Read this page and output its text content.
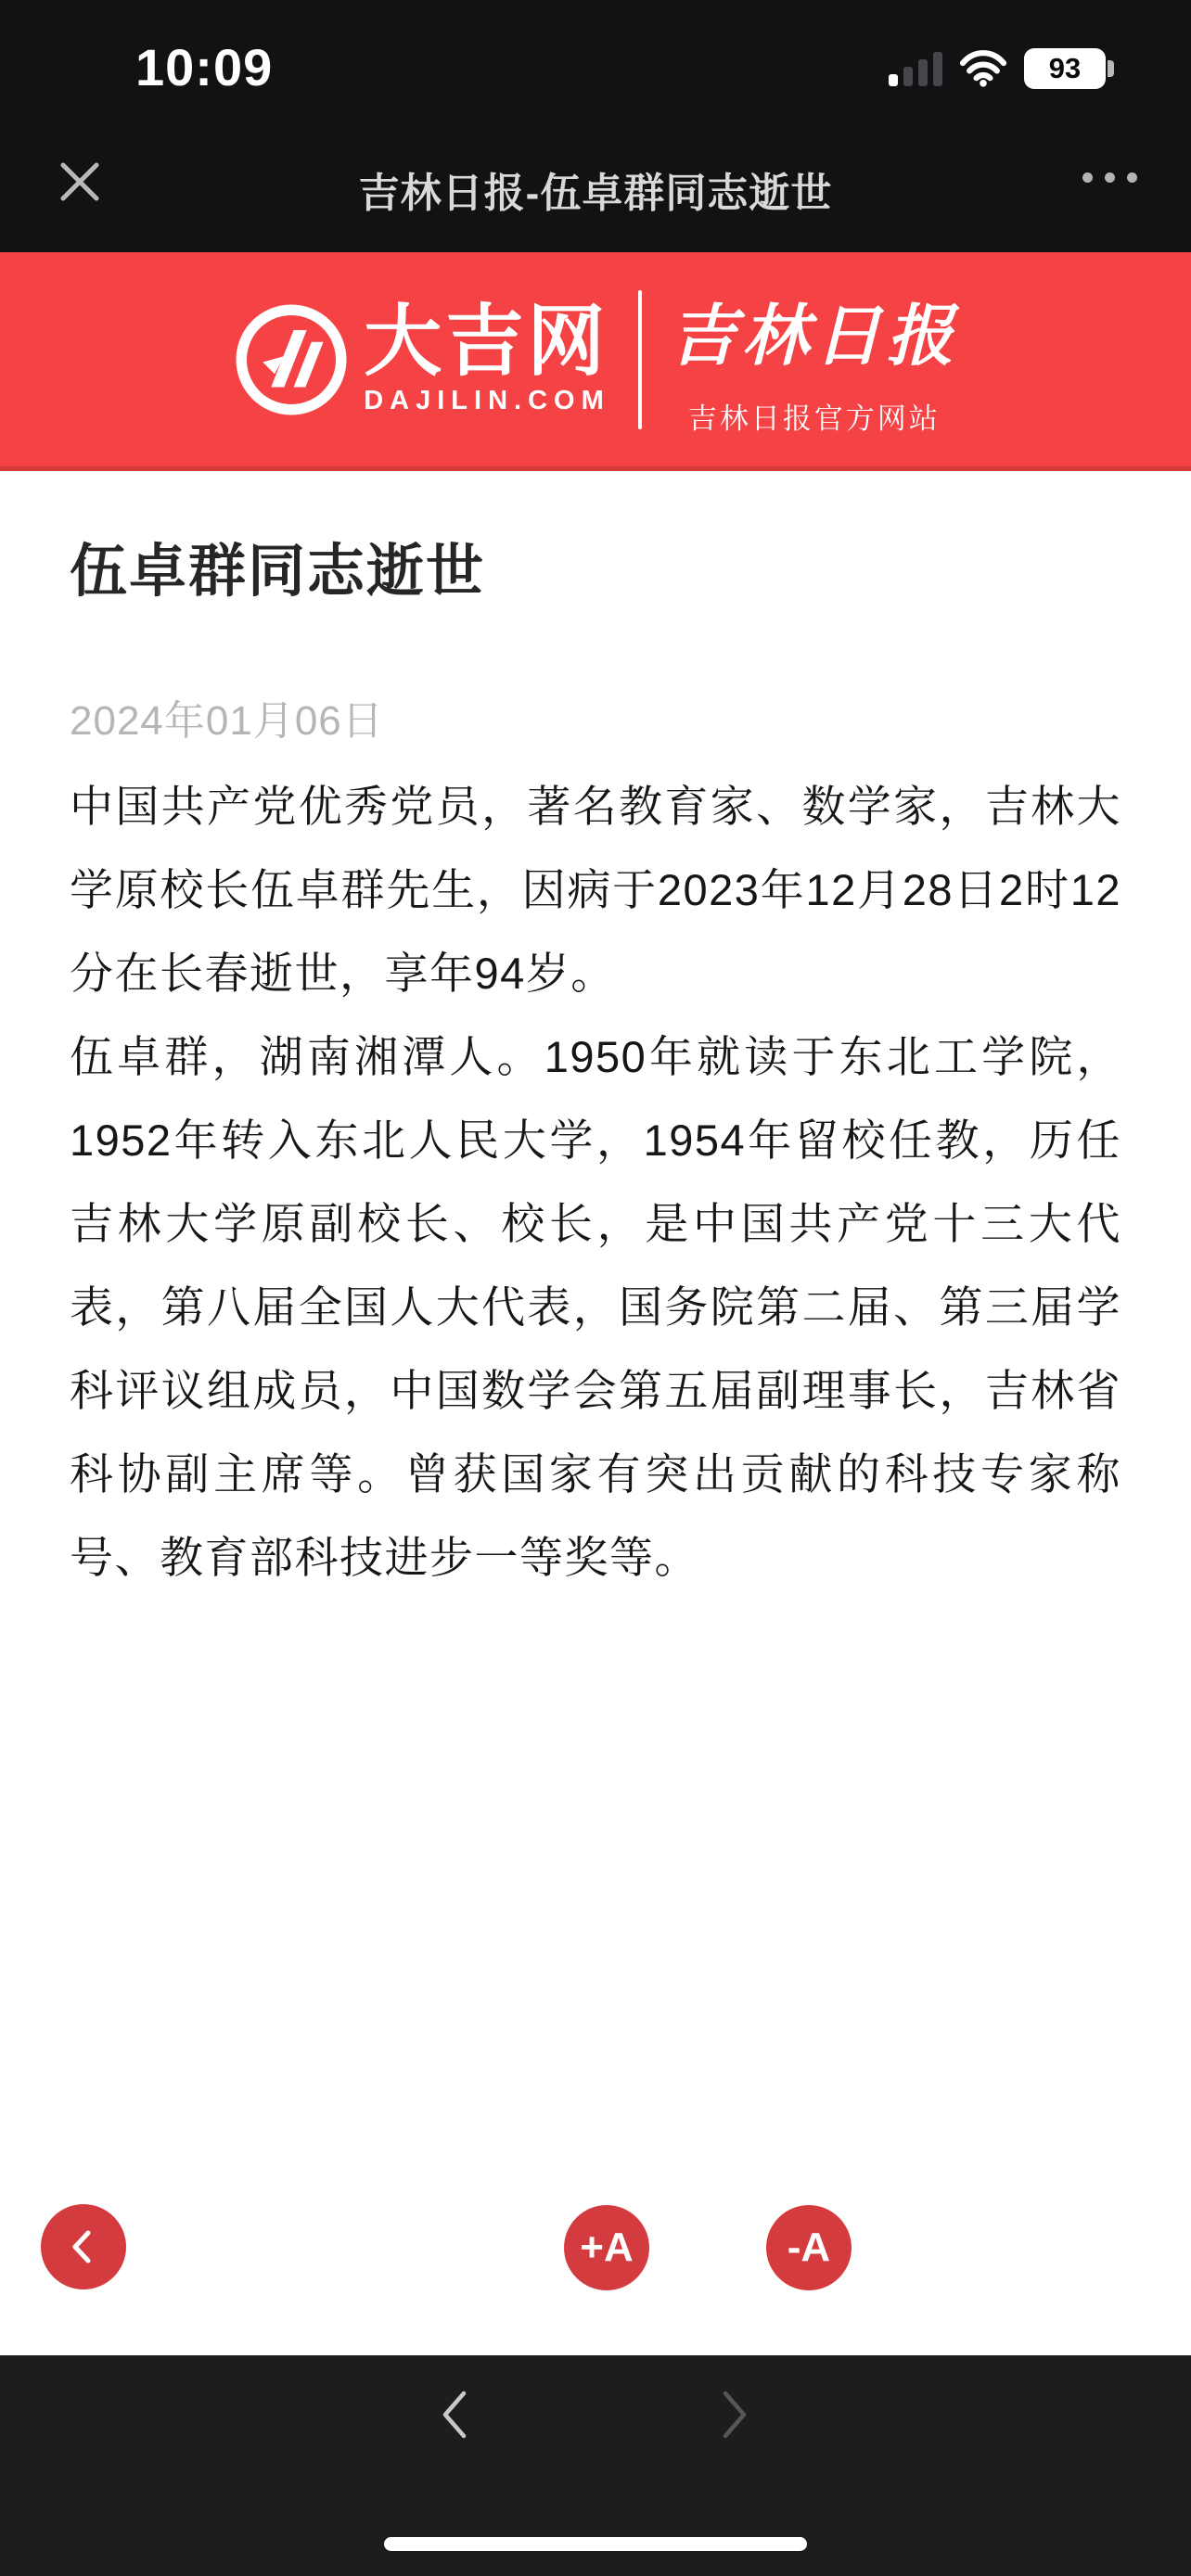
10:09	93
吉林日报-伍卓群同志逝世
大吉网
DAJILIN.COM
吉林日报
吉林日报官方网站
伍卓群同志逝世
2024年01月06日

中国共产党优秀党员，著名教育家、数学家，吉林大学原校长伍卓群先生，因病于2023年12月28日2时12分在长春逝世，享年94岁。

伍卓群，湖南湘潭人。1950年就读于东北工学院，1952年转入东北人民大学，1954年留校任教，历任吉林大学原副校长、校长，是中国共产党十三大代表，第八届全国人大代表，国务院第二届、第三届学科评议组成员，中国数学会第五届副理事长，吉林省科协副主席等。曾获国家有突出贡献的科技专家称号、教育部科技进步一等奖等。

+A	-A
